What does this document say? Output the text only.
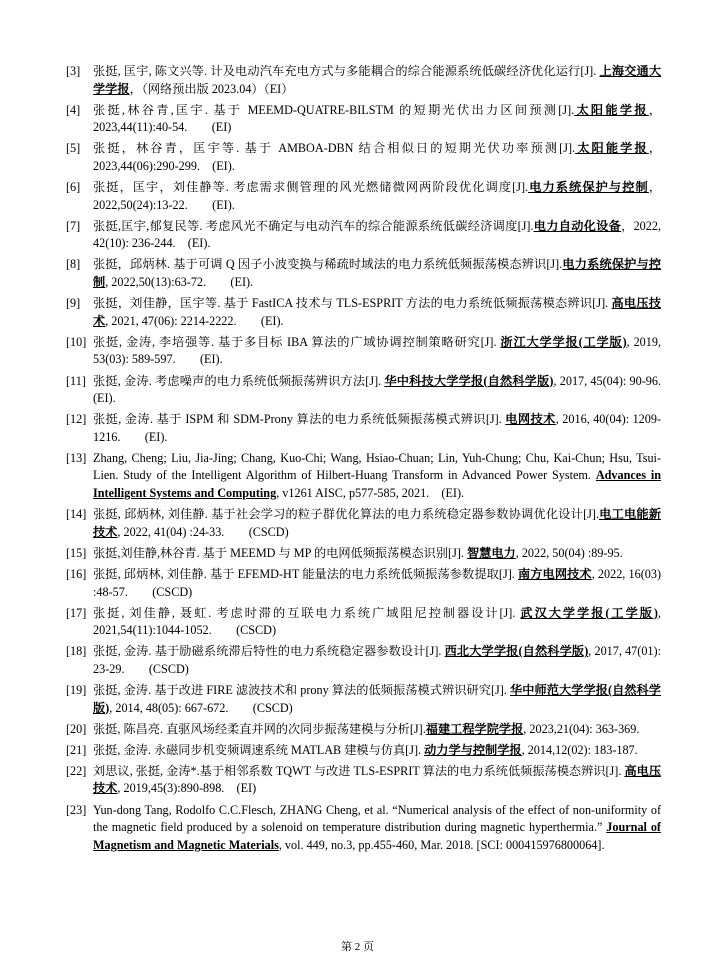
[3]	张挺, 匡宇, 陈文兴等. 计及电动汽车充电方式与多能耦合的综合能源系统低碳经济优化运行[J]. 上海交通大学学报，（网络预出版 2023.04）（EI）
[4]	张挺,林谷青,匡宇. 基于 MEEMD-QUATRE-BILSTM 的短期光伏出力区间预测[J].太阳能学报，2023,44(11):40-54.　　(EI)
[5]	张挺，林谷青，匡宇等. 基于 AMBOA-DBN 结合相似日的短期光伏功率预测[J].太阳能学报，2023,44(06):290-299.　(EI).
[6]	张挺，匡宇，刘佳静等. 考虑需求侧管理的风光燃储微网两阶段优化调度[J].电力系统保护与控制，2022,50(24):13-22.　　(EI).
[7]	张挺,匡宇,郁复民等. 考虑风光不确定与电动汽车的综合能源系统低碳经济调度[J].电力自动化设备，2022, 42(10): 236-244.　(EI).
[8]	张挺，邱炳林. 基于可调 Q 因子小波变换与稀疏时域法的电力系统低频振荡模态辨识[J].电力系统保护与控制, 2022,50(13):63-72.　　(EI).
[9]	张挺，刘佳静，匡宇等. 基于 FastICA 技术与 TLS-ESPRIT 方法的电力系统低频振荡模态辨识[J]. 高电压技术, 2021, 47(06): 2214-2222.　　(EI).
[10] 张挺, 金涛, 李培强等. 基于多目标 IBA 算法的广域协调控制策略研究[J]. 浙江大学学报(工学版), 2019, 53(03): 589-597.　　(EI).
[11] 张挺, 金涛. 考虑噪声的电力系统低频振荡辨识方法[J]. 华中科技大学学报(自然科学版), 2017, 45(04): 90-96.　　(EI).
[12] 张挺, 金涛. 基于 ISPM 和 SDM-Prony 算法的电力系统低频振荡模式辨识[J]. 电网技术, 2016, 40(04): 1209-1216.　　(EI).
[13] Zhang, Cheng; Liu, Jia-Jing; Chang, Kuo-Chi; Wang, Hsiao-Chuan; Lin, Yuh-Chung; Chu, Kai-Chun; Hsu, Tsui-Lien. Study of the Intelligent Algorithm of Hilbert-Huang Transform in Advanced Power System. Advances in Intelligent Systems and Computing, v1261 AISC, p577-585, 2021.　(EI).
[14] 张挺, 邱炳林, 刘佳静. 基于社会学习的粒子群优化算法的电力系统稳定器参数协调优化设计[J].电工电能新技术, 2022, 41(04) :24-33.　　(CSCD)
[15] 张挺,刘佳静,林谷青. 基于 MEEMD 与 MP 的电网低频振荡模态识别[J]. 智慧电力, 2022, 50(04) :89-95.
[16] 张挺, 邱炳林, 刘佳静. 基于 EFEMD-HT 能量法的电力系统低频振荡参数提取[J]. 南方电网技术, 2022, 16(03) :48-57.　　(CSCD)
[17] 张挺, 刘佳静, 聂虹. 考虑时滞的互联电力系统广域阻尼控制器设计[J]. 武汉大学学报(工学版), 2021,54(11):1044-1052.　　(CSCD)
[18] 张挺, 金涛. 基于励磁系统滞后特性的电力系统稳定器参数设计[J]. 西北大学学报(自然科学版), 2017, 47(01): 23-29.　　(CSCD)
[19] 张挺, 金涛. 基于改进 FIRE 滤波技术和 prony 算法的低频振荡模式辨识研究[J]. 华中师范大学学报(自然科学版), 2014, 48(05): 667-672.　　(CSCD)
[20] 张挺, 陈昌亮. 直驱风场经柔直并网的次同步振荡建模与分析[J].福建工程学院学报, 2023,21(04): 363-369.
[21] 张挺, 金涛. 永磁同步机变频调速系统 MATLAB 建模与仿真[J]. 动力学与控制学报, 2014,12(02): 183-187.
[22] 刘思议, 张挺, 金涛*.基于相邻系数 TQWT 与改进 TLS-ESPRIT 算法的电力系统低频振荡模态辨识[J]. 高电压技术, 2019,45(3):890-898.　(EI)
[23] Yun-dong Tang, Rodolfo C.C.Flesch, ZHANG Cheng, et al. “Numerical analysis of the effect of non-uniformity of the magnetic field produced by a solenoid on temperature distribution during magnetic hyperthermia.” Journal of Magnetism and Magnetic Materials, vol. 449, no.3, pp.455-460, Mar. 2018. [SCI: 000415976800064].
第 2 页
